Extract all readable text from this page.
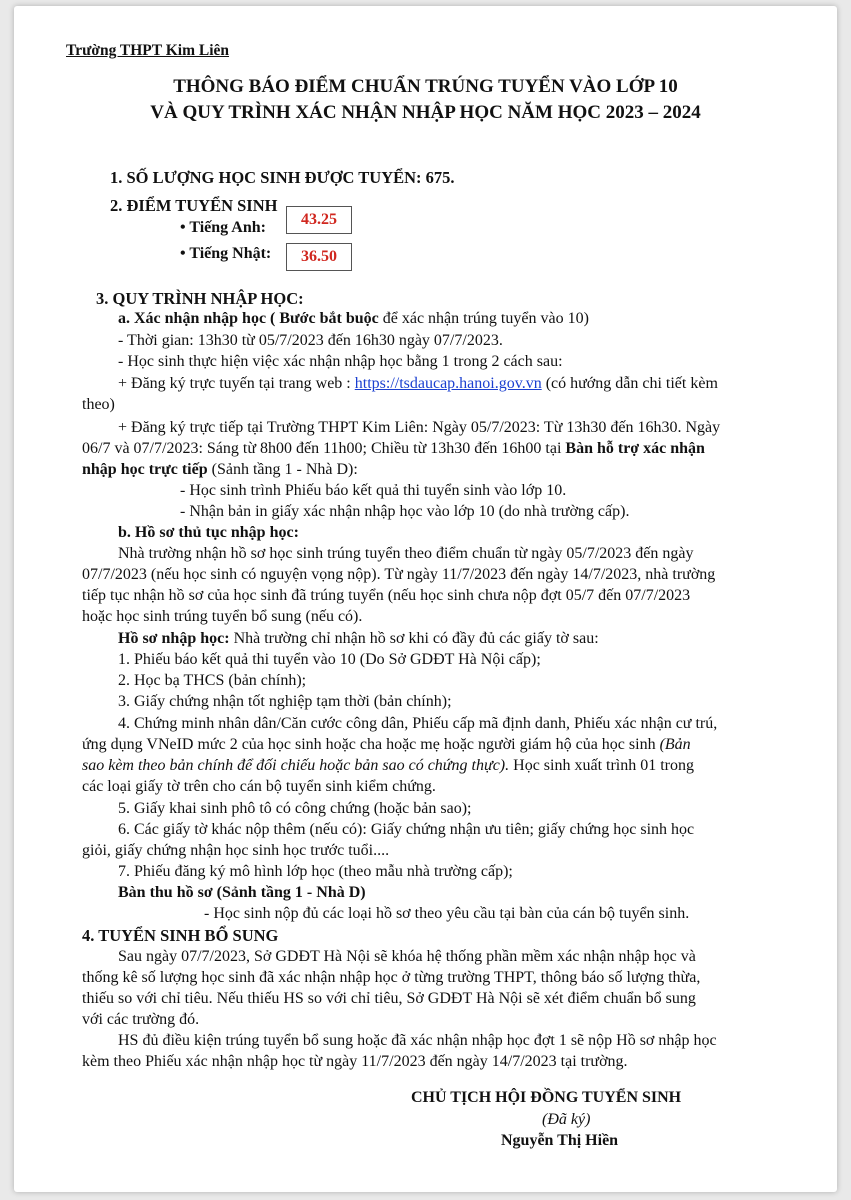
Trường THPT Kim Liên
THÔNG BÁO ĐIỂM CHUẨN TRÚNG TUYỂN VÀO LỚP 10
VÀ QUY TRÌNH XÁC NHẬN NHẬP HỌC NĂM HỌC 2023 – 2024
1. SỐ LƯỢNG HỌC SINH ĐƯỢC TUYỂN: 675.
2. ĐIỂM TUYỂN SINH
• Tiếng Anh:	43.25
• Tiếng Nhật:	36.50
3. QUY TRÌNH NHẬP HỌC:
a. Xác nhận nhập học ( Bước bắt buộc để xác nhận trúng tuyển vào 10)
- Thời gian: 13h30 từ 05/7/2023 đến 16h30 ngày 07/7/2023.
- Học sinh thực hiện việc xác nhận nhập học bằng 1 trong 2 cách sau:
+ Đăng ký trực tuyến tại trang web : https://tsdaucap.hanoi.gov.vn (có hướng dẫn chi tiết kèm
theo)
+ Đăng ký trực tiếp tại Trường THPT Kim Liên: Ngày 05/7/2023: Từ 13h30 đến 16h30. Ngày
06/7 và 07/7/2023: Sáng từ 8h00 đến 11h00; Chiều từ 13h30 đến 16h00 tại Bàn hỗ trợ xác nhận
nhập học trực tiếp (Sảnh tầng 1 - Nhà D):
- Học sinh trình Phiếu báo kết quả thi tuyển sinh vào lớp 10.
- Nhận bản in giấy xác nhận nhập học vào lớp 10 (do nhà trường cấp).
b. Hồ sơ thủ tục nhập học:
Nhà trường nhận hồ sơ học sinh trúng tuyển theo điểm chuẩn từ ngày 05/7/2023 đến ngày
07/7/2023 (nếu học sinh có nguyện vọng nộp). Từ ngày 11/7/2023 đến ngày 14/7/2023, nhà trường
tiếp tục nhận hồ sơ của học sinh đã trúng tuyển (nếu học sinh chưa nộp đợt 05/7 đến 07/7/2023
hoặc học sinh trúng tuyển bổ sung (nếu có).
Hồ sơ nhập học: Nhà trường chỉ nhận hồ sơ khi có đầy đủ các giấy tờ sau:
1. Phiếu báo kết quả thi tuyển vào 10 (Do Sở GDĐT Hà Nội cấp);
2. Học bạ THCS (bản chính);
3. Giấy chứng nhận tốt nghiệp tạm thời (bản chính);
4. Chứng minh nhân dân/Căn cước công dân, Phiếu cấp mã định danh, Phiếu xác nhận cư trú,
ứng dụng VNeID mức 2 của học sinh hoặc cha hoặc mẹ hoặc người giám hộ của học sinh (Bản
sao kèm theo bản chính để đối chiếu hoặc bản sao có chứng thực). Học sinh xuất trình 01 trong
các loại giấy tờ trên cho cán bộ tuyển sinh kiểm chứng.
5. Giấy khai sinh phô tô có công chứng (hoặc bản sao);
6. Các giấy tờ khác nộp thêm (nếu có): Giấy chứng nhận ưu tiên; giấy chứng học sinh học
giỏi, giấy chứng nhận học sinh học trước tuổi....
7. Phiếu đăng ký mô hình lớp học (theo mẫu nhà trường cấp);
Bàn thu hồ sơ (Sảnh tầng 1 - Nhà D)
- Học sinh nộp đủ các loại hồ sơ theo yêu cầu tại bàn của cán bộ tuyển sinh.
4. TUYỂN SINH BỔ SUNG
Sau ngày 07/7/2023, Sở GDĐT Hà Nội sẽ khóa hệ thống phần mềm xác nhận nhập học và
thống kê số lượng học sinh đã xác nhận nhập học ở từng trường THPT, thông báo số lượng thừa,
thiếu so với chỉ tiêu. Nếu thiếu HS so với chỉ tiêu, Sở GDĐT Hà Nội sẽ xét điểm chuẩn bổ sung
với các trường đó.
HS đủ điều kiện trúng tuyển bổ sung hoặc đã xác nhận nhập học đợt 1 sẽ nộp Hồ sơ nhập học
kèm theo Phiếu xác nhận nhập học từ ngày 11/7/2023 đến ngày 14/7/2023 tại trường.
CHỦ TỊCH HỘI ĐỒNG TUYỂN SINH
(Đã ký)
Nguyễn Thị Hiền
